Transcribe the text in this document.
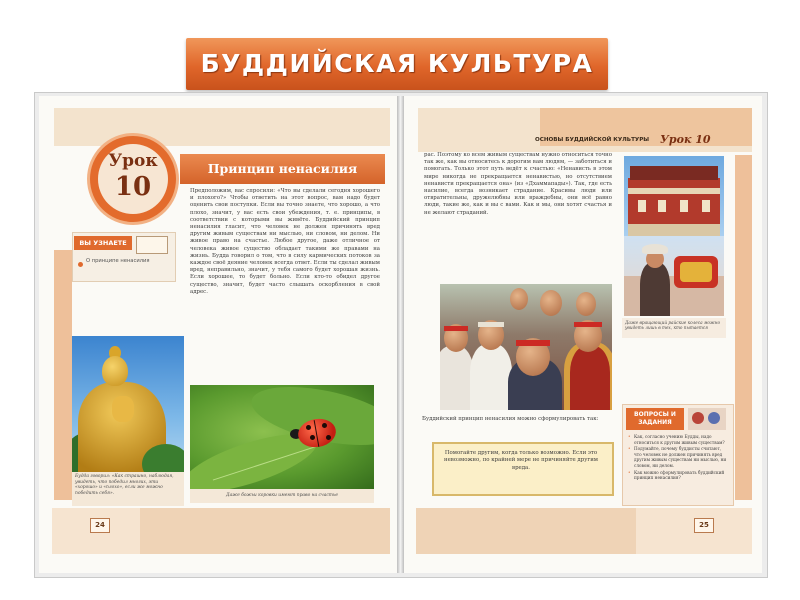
БУДДИЙСКАЯ КУЛЬТУРА
Урок
10
Принцип ненасилия
ВЫ УЗНАЕТЕ
О принципе ненасилия
Предположим, вас спросили: «Что вы сделали сегодня хорошего и плохого?» Чтобы ответить на этот вопрос, вам надо будет оценить свои поступки. Если вы точно знаете, что хорошо, а что плохо, значит, у вас есть свои убеждения, т. е. принципы, в соответствии с которыми вы живёте. Буддийский принцип ненасилия гласит, что человек не должен причинять вред другим живым существам ни мыслью, ни словом, ни делом. Ни живое право на счастье. Любое другое, даже отличное от человека живое существо обладает такими же правами на жизнь. Будда говорил о том, что в силу кармических потоков за каждое своё деяние человек всегда ответ. Если ты сделал живым вред, неправильно, значит, у тебя самого будет хорошая жизнь. Если хорошее, то будет больно. Если кто-то обидел другое существо, значит, будет часто слышать оскорбления в свой адрес.
Будда говорил: «Как страшно, наблюдая, увидеть, что победил многих, эти «хорошо» и «плохо», если же можно победить себя».	Даже божьи коровки имеют право на счастье
24	25
ОСНОВЫ БУДДИЙСКОЙ КУЛЬТУРЫ Урок 10
рас. Поэтому ко всем живым существам нужно относиться точно так же, как вы относитесь к дорогим вам людям, — заботиться и помогать. Только этот путь ведёт к счастью: «Ненависть в этом мире никогда не прекращается ненавистью, но отсутствием ненависти прекращается она» (из «Дхаммапады»). Так, где есть насилие, всегда возникает страдание. Красивы люди или отвратительны, дружелюбны или враждебны, они всё равно люди, такие же, как и вы с вами. Как и мы, они хотят счастья и не желают страданий.
Буддийский принцип ненасилия можно сформулировать так:
Помогайте другим, когда только возможно. Если это невозможно, по крайней мере не причиняйте другим вреда.
Даже вращающий райские колеса можно увидеть лишь в тех, кто пытается
ВОПРОСЫ И ЗАДАНИЯ
• Как, согласно учению Будды, надо относиться к другим живым существам?
• Подумайте, почему буддисты считают, что человек не должен причинять вред другим живым существам ни мыслью, ни словом, ни делом.
• Как можно сформулировать буддийский принцип ненасилия?
